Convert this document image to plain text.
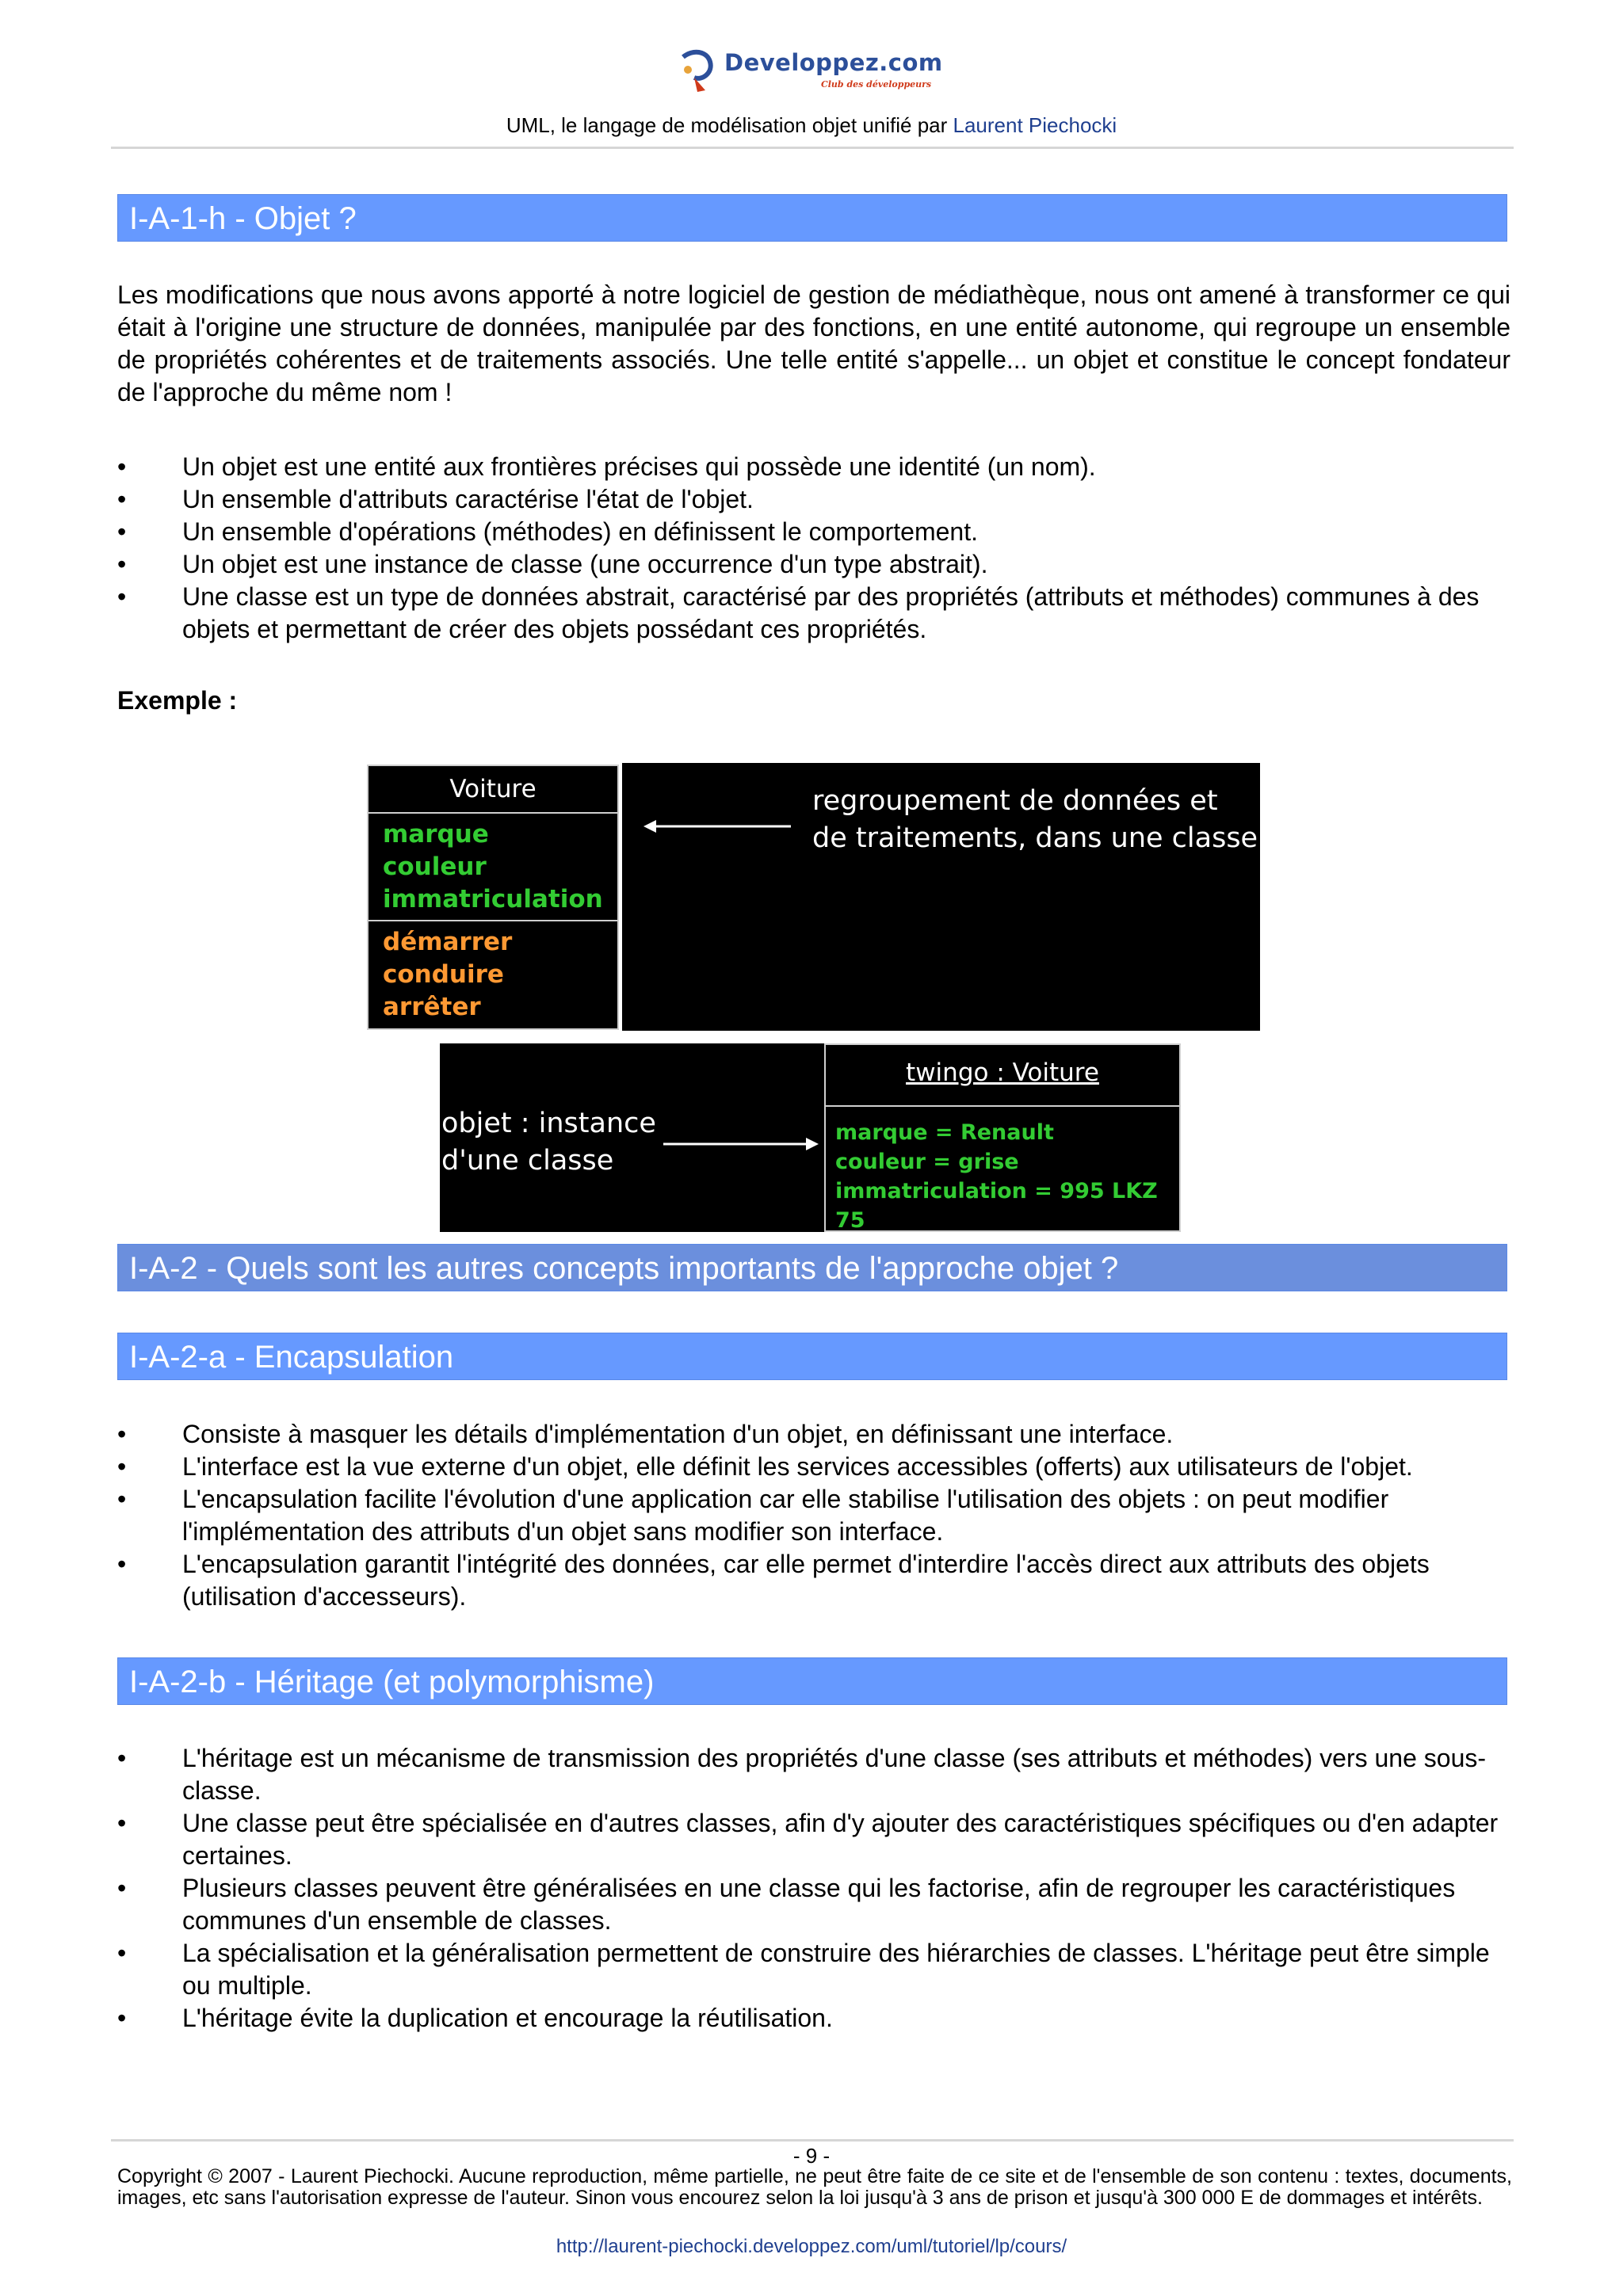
Developpez.com
Club des développeurs
UML, le langage de modélisation objet unifié par Laurent Piechocki
I-A-1-h - Objet ?
Les modifications que nous avons apporté à notre logiciel de gestion de médiathèque, nous ont amené à transformer ce qui était à l'origine une structure de données, manipulée par des fonctions, en une entité autonome, qui regroupe un ensemble de propriétés cohérentes et de traitements associés. Une telle entité s'appelle... un objet et constitue le concept fondateur de l'approche du même nom !
• Un objet est une entité aux frontières précises qui possède une identité (un nom).
• Un ensemble d'attributs caractérise l'état de l'objet.
• Un ensemble d'opérations (méthodes) en définissent le comportement.
• Un objet est une instance de classe (une occurrence d'un type abstrait).
• Une classe est un type de données abstrait, caractérisé par des propriétés (attributs et méthodes) communes à des objets et permettant de créer des objets possédant ces propriétés.
Exemple :
Voiture
marque
couleur
immatriculation
démarrer
conduire
arrêter
regroupement de données et
de traitements, dans une classe
objet : instance
d'une classe
twingo : Voiture
marque = Renault
couleur = grise
immatriculation = 995 LKZ 75
I-A-2 - Quels sont les autres concepts importants de l'approche objet ?
I-A-2-a - Encapsulation
• Consiste à masquer les détails d'implémentation d'un objet, en définissant une interface.
• L'interface est la vue externe d'un objet, elle définit les services accessibles (offerts) aux utilisateurs de l'objet.
• L'encapsulation facilite l'évolution d'une application car elle stabilise l'utilisation des objets : on peut modifier l'implémentation des attributs d'un objet sans modifier son interface.
• L'encapsulation garantit l'intégrité des données, car elle permet d'interdire l'accès direct aux attributs des objets (utilisation d'accesseurs).
I-A-2-b - Héritage (et polymorphisme)
• L'héritage est un mécanisme de transmission des propriétés d'une classe (ses attributs et méthodes) vers une sous-classe.
• Une classe peut être spécialisée en d'autres classes, afin d'y ajouter des caractéristiques spécifiques ou d'en adapter certaines.
• Plusieurs classes peuvent être généralisées en une classe qui les factorise, afin de regrouper les caractéristiques communes d'un ensemble de classes.
• La spécialisation et la généralisation permettent de construire des hiérarchies de classes. L'héritage peut être simple ou multiple.
• L'héritage évite la duplication et encourage la réutilisation.
- 9 -
Copyright © 2007 - Laurent Piechocki. Aucune reproduction, même partielle, ne peut être faite de ce site et de l'ensemble de son contenu : textes, documents, images, etc sans l'autorisation expresse de l'auteur. Sinon vous encourez selon la loi jusqu'à 3 ans de prison et jusqu'à 300 000 E de dommages et intérêts.
http://laurent-piechocki.developpez.com/uml/tutoriel/lp/cours/
